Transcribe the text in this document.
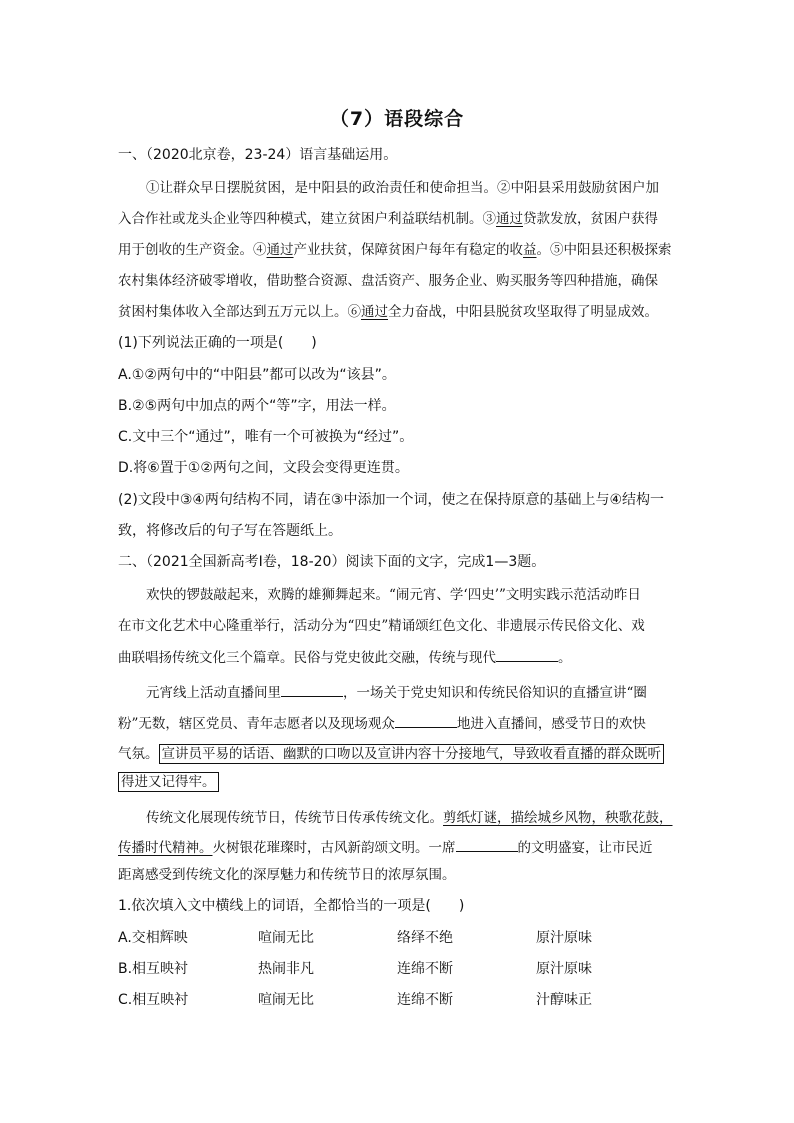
（7）语段综合
一、（2020北京卷，23-24）语言基础运用。
①让群众早日摆脱贫困，是中阳县的政治责任和使命担当。②中阳县采用鼓励贫困户加
入合作社或龙头企业等四种模式，建立贫困户利益联结机制。③通过贷款发放，贫困户获得
用于创收的生产资金。④通过产业扶贫，保障贫困户每年有稳定的收益。⑤中阳县还积极探索
农村集体经济破零增收，借助整合资源、盘活资产、服务企业、购买服务等四种措施，确保
贫困村集体收入全部达到五万元以上。⑥通过全力奋战，中阳县脱贫攻坚取得了明显成效。
(1)下列说法正确的一项是(　　)
A.①②两句中的“中阳县”都可以改为“该县”。
B.②⑤两句中加点的两个“等”字，用法一样。
C.文中三个“通过”，唯有一个可被换为“经过”。
D.将⑥置于①②两句之间，文段会变得更连贯。
(2)文段中③④两句结构不同，请在③中添加一个词，使之在保持原意的基础上与④结构一
致，将修改后的句子写在答题纸上。
二、（2021全国新高考Ⅰ卷，18-20）阅读下面的文字，完成1—3题。
欢快的锣鼓敲起来，欢腾的雄狮舞起来。“闹元宵、学‘四史’”文明实践示范活动昨日
在市文化艺术中心隆重举行，活动分为“四史”精诵颂红色文化、非遗展示传民俗文化、戏
曲联唱扬传统文化三个篇章。民俗与党史彼此交融，传统与现代	。
元宵线上活动直播间里	，一场关于党史知识和传统民俗知识的直播宣讲“圈
粉”无数，辖区党员、青年志愿者以及现场观众	地进入直播间，感受节日的欢快
气氛。 宣讲员平易的话语、幽默的口吻以及宣讲内容十分接地气，导致收看直播的群众既听
得进又记得牢。
传统文化展现传统节日，传统节日传承传统文化。剪纸灯谜，描绘城乡风物，秧歌花鼓，
传播时代精神。火树银花璀璨时，古风新韵颂文明。一席	的文明盛宴，让市民近
距离感受到传统文化的深厚魅力和传统节日的浓厚氛围。
1.依次填入文中横线上的词语，全都恰当的一项是(　　)
A.交相辉映	喧闹无比	络绎不绝	原汁原味
B.相互映衬	热闹非凡	连绵不断	原汁原味
C.相互映衬	喧闹无比	连绵不断	汁醇味正
